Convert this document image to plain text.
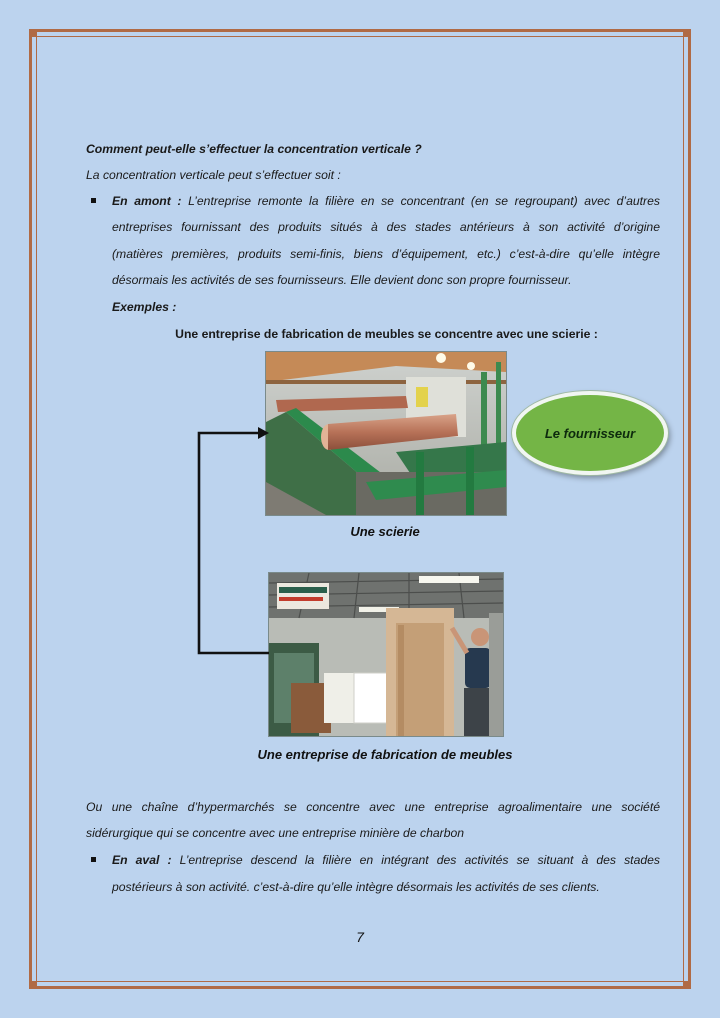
Comment peut-elle s’effectuer la concentration verticale ?
La concentration verticale peut s’effectuer soit :
En amont : L’entreprise remonte la filière en se concentrant (en se regroupant) avec d’autres
entreprises fournissant des produits situés à des stades antérieurs à son activité d’origine
(matières premières, produits semi-finis, biens d’équipement, etc.) c’est-à-dire qu’elle intègre
désormais les activités de ses fournisseurs. Elle devient donc son propre fournisseur.
Exemples :
Une entreprise de fabrication de meubles se concentre avec une scierie :
Le fournisseur
Une scierie
Une entreprise de fabrication de meubles
Ou une chaîne d’hypermarchés se concentre avec une entreprise agroalimentaire une société
sidérurgique qui se concentre avec une entreprise minière de charbon
En aval : L’entreprise descend la filière en intégrant des activités se situant à des stades
postérieurs à son activité. c’est-à-dire qu’elle intègre désormais les activités de ses clients.
7
